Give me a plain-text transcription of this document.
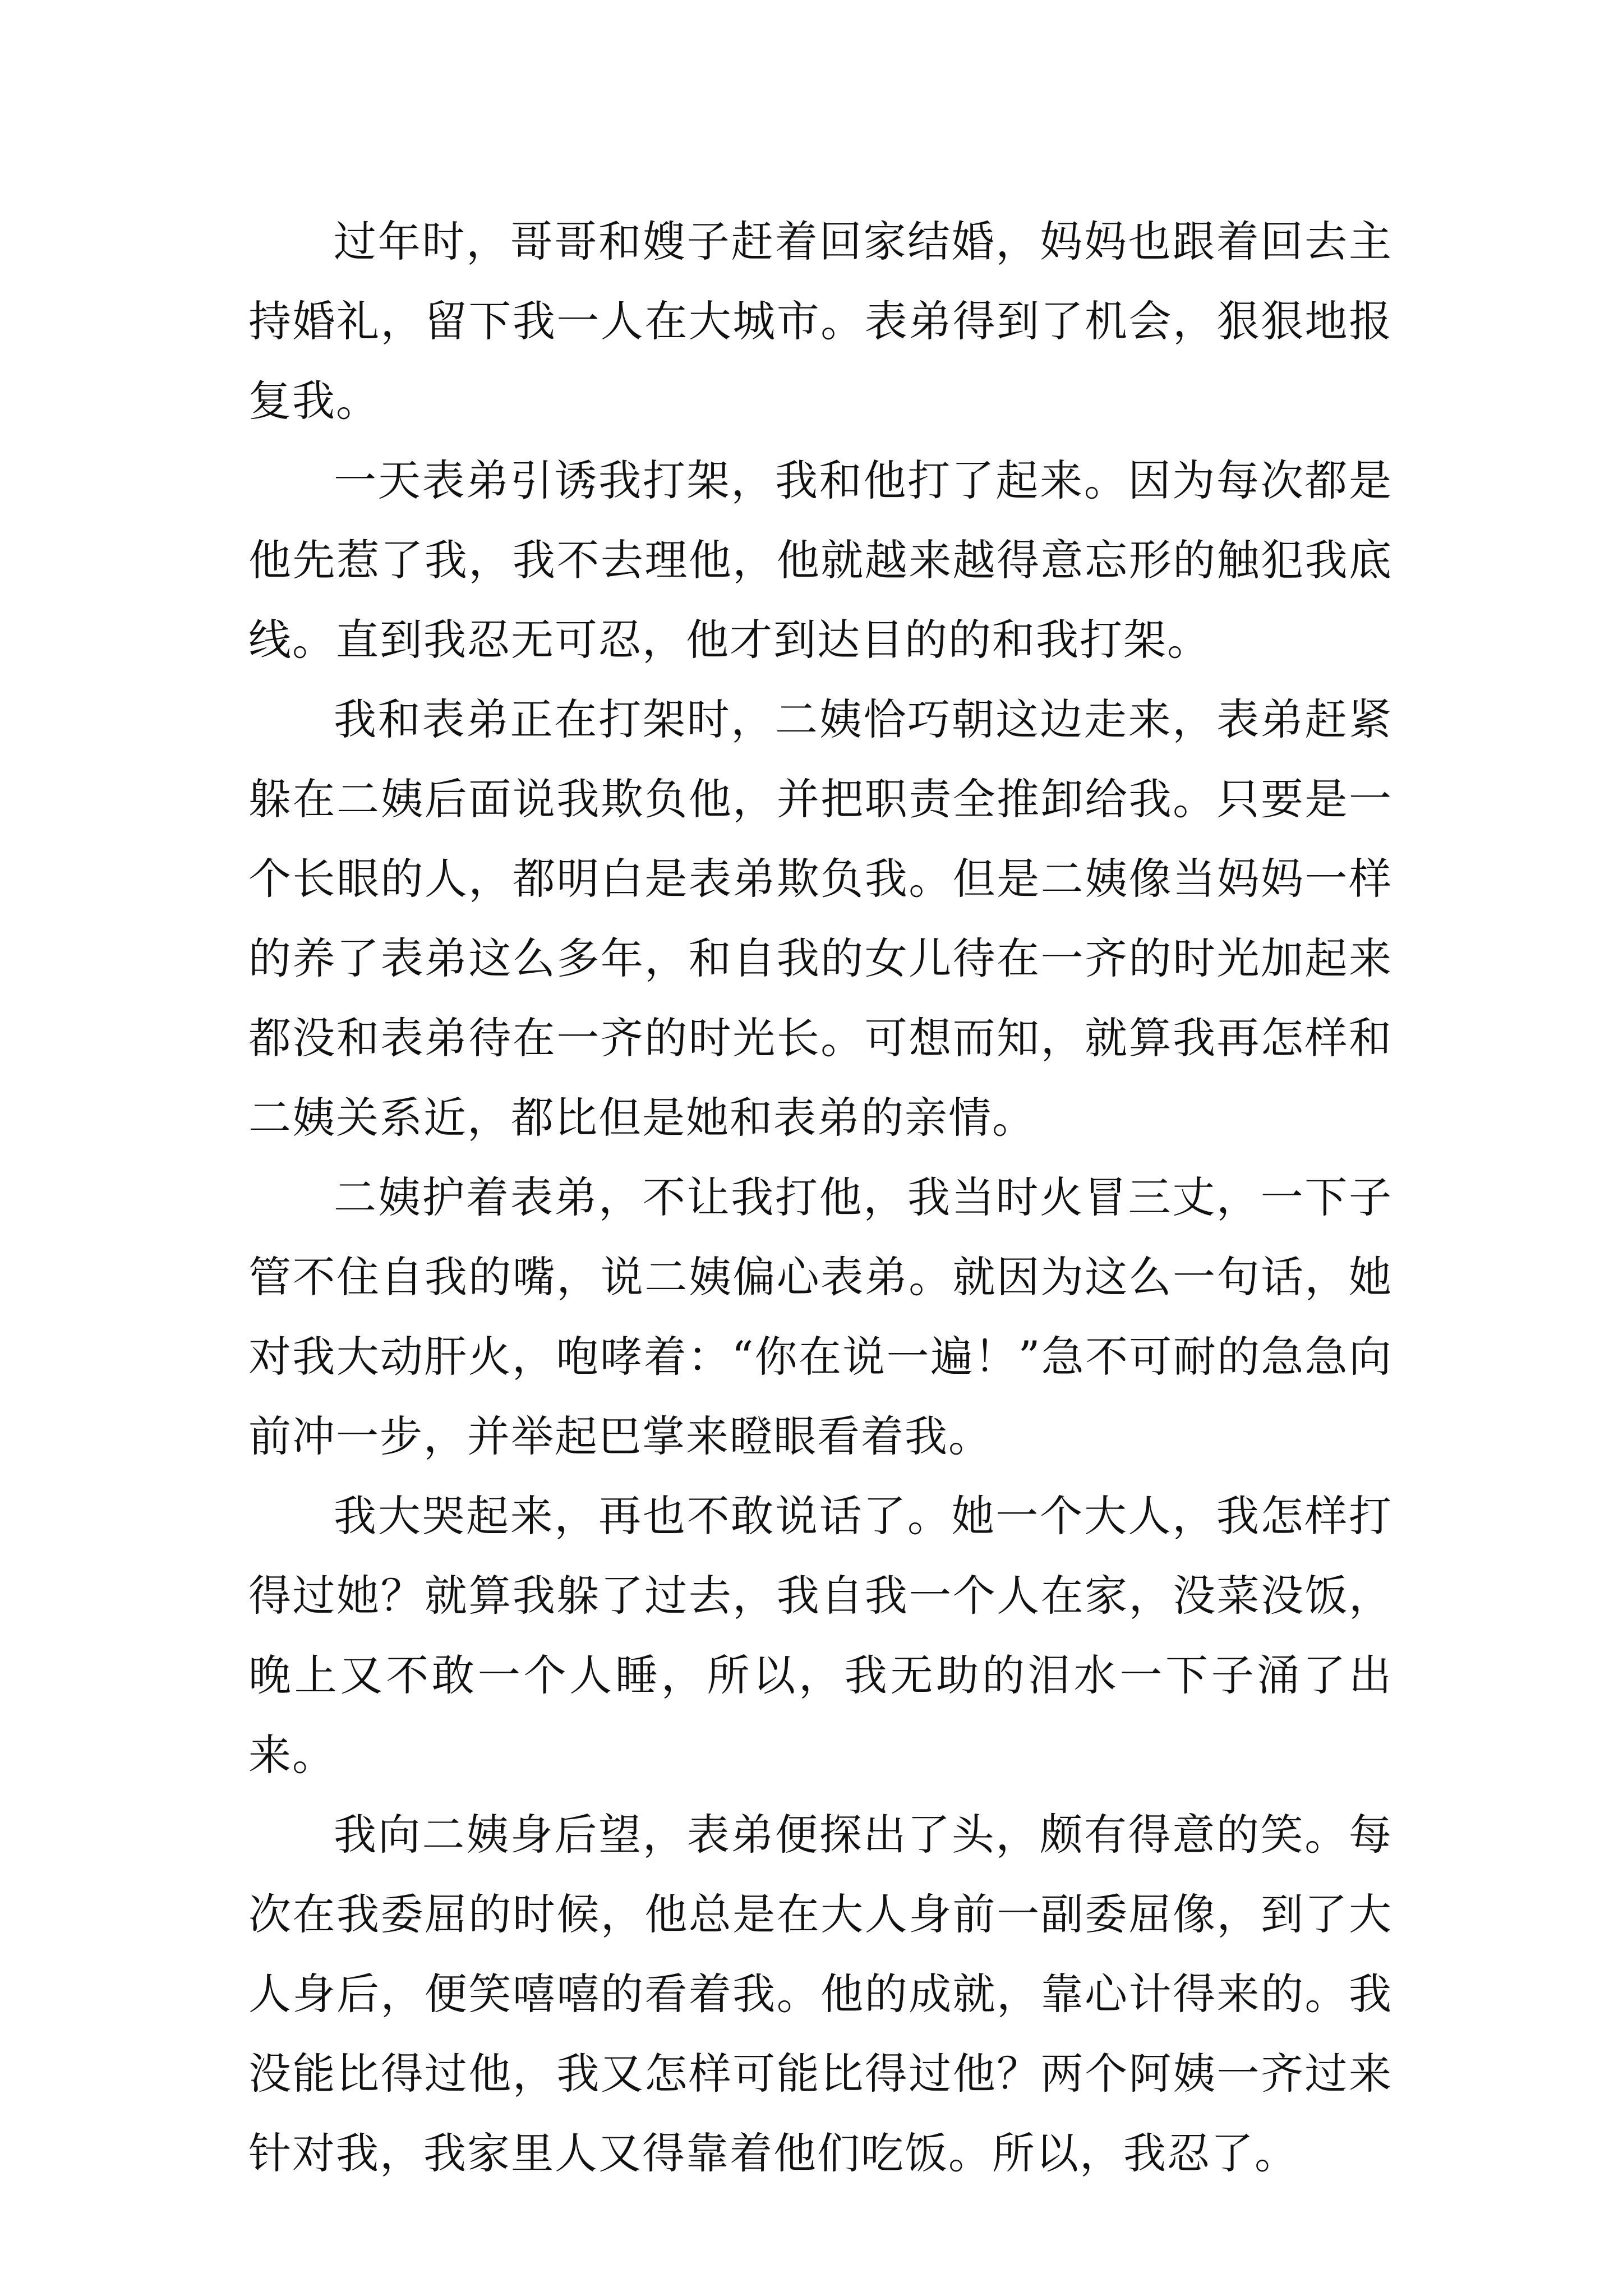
过年时，哥哥和嫂子赶着回家结婚，妈妈也跟着回去主持婚礼，留下我一人在大城市。表弟得到了机会，狠狠地报复我。

一天表弟引诱我打架，我和他打了起来。因为每次都是他先惹了我，我不去理他，他就越来越得意忘形的触犯我底线。直到我忍无可忍，他才到达目的的和我打架。

我和表弟正在打架时，二姨恰巧朝这边走来，表弟赶紧躲在二姨后面说我欺负他，并把职责全推卸给我。只要是一个长眼的人，都明白是表弟欺负我。但是二姨像当妈妈一样的养了表弟这么多年，和自我的女儿待在一齐的时光加起来都没和表弟待在一齐的时光长。可想而知，就算我再怎样和二姨关系近，都比但是她和表弟的亲情。

二姨护着表弟，不让我打他，我当时火冒三丈，一下子管不住自我的嘴，说二姨偏心表弟。就因为这么一句话，她对我大动肝火，咆哮着：“你在说一遍！”急不可耐的急急向前冲一步，并举起巴掌来瞪眼看着我。

我大哭起来，再也不敢说话了。她一个大人，我怎样打得过她？就算我躲了过去，我自我一个人在家，没菜没饭，晚上又不敢一个人睡，所以，我无助的泪水一下子涌了出来。

我向二姨身后望，表弟便探出了头，颇有得意的笑。每次在我委屈的时候，他总是在大人身前一副委屈像，到了大人身后，便笑嘻嘻的看着我。他的成就，靠心计得来的。我没能比得过他，我又怎样可能比得过他？两个阿姨一齐过来针对我，我家里人又得靠着他们吃饭。所以，我忍了。
